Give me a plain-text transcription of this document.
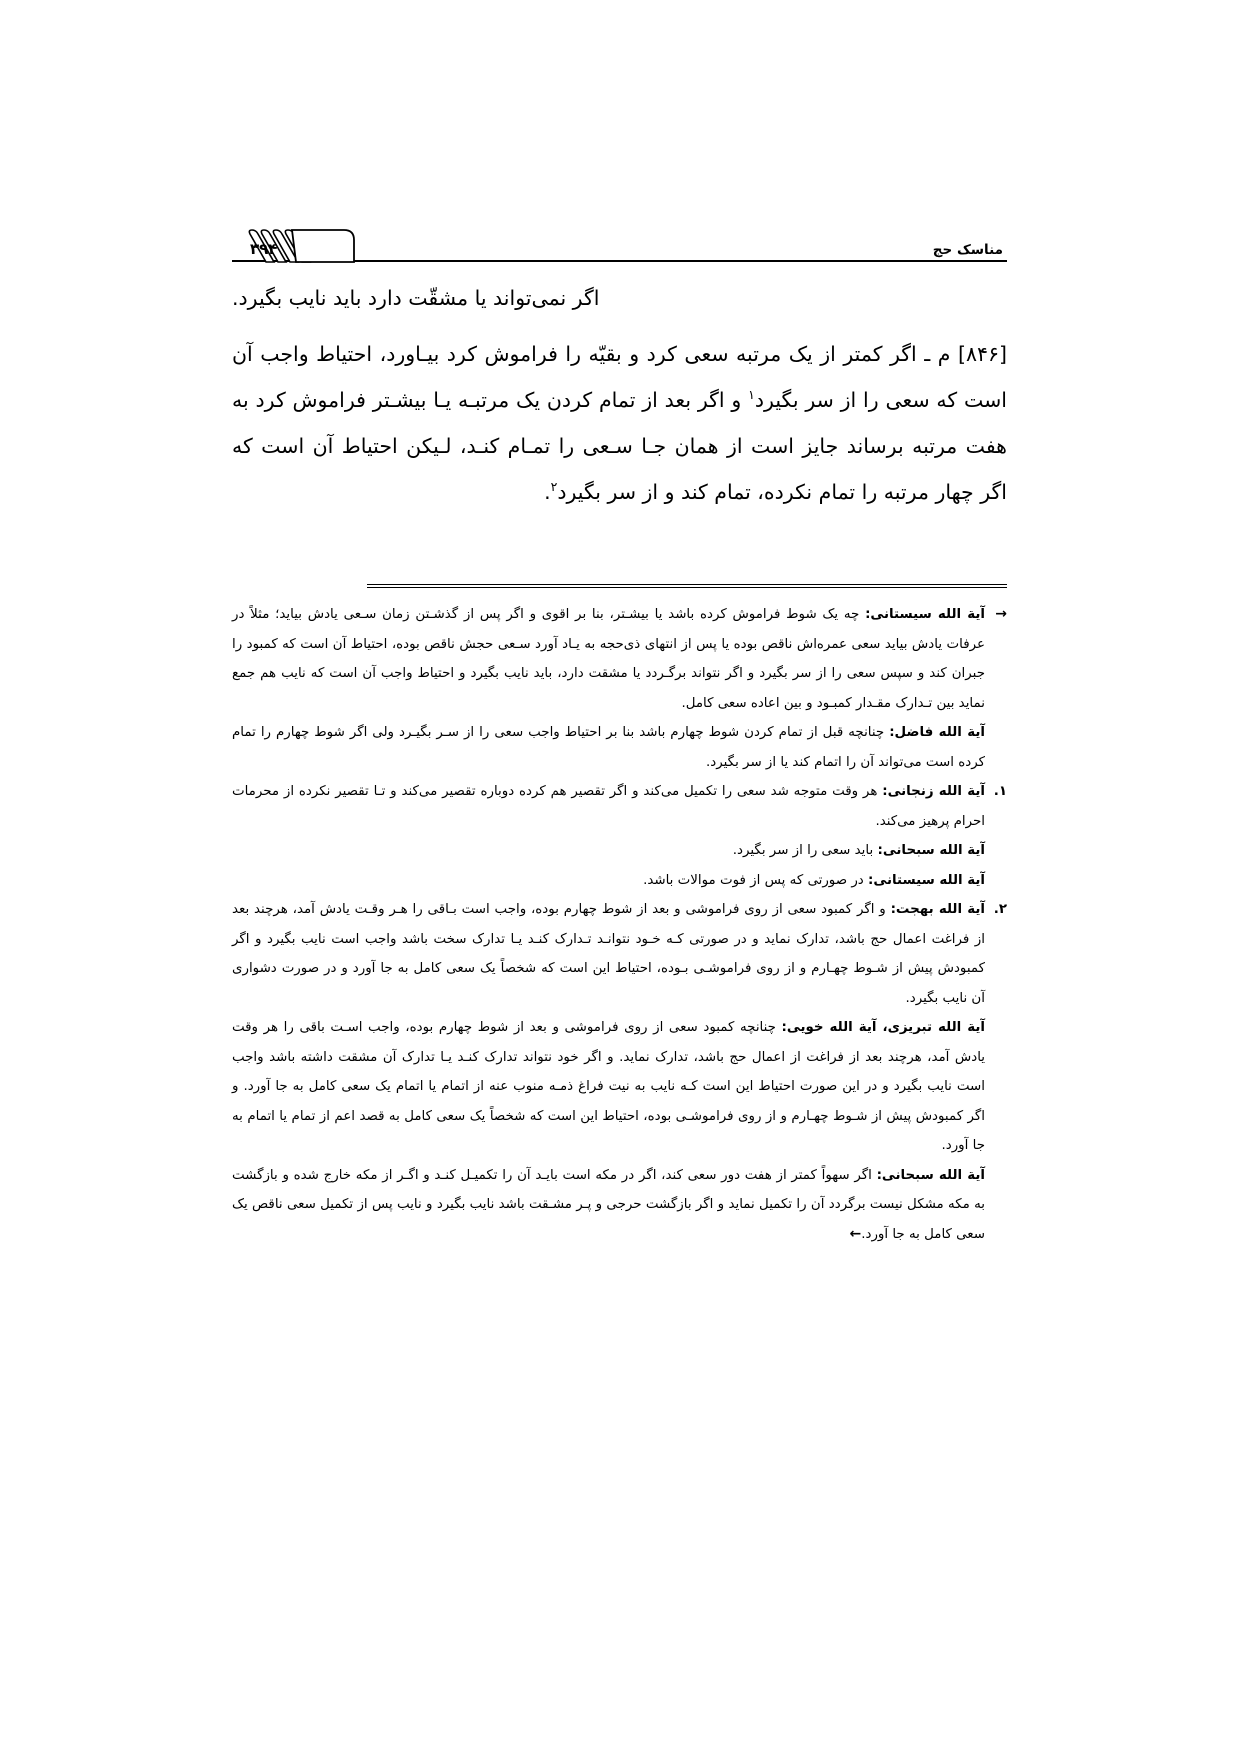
مناسک حج
۳۹۴

اگر نمی‌تواند یا مشقّت دارد باید نایب بگیرد.

[۸۴۶] م ـ اگر کمتر از یک مرتبه سعی کرد و بقیّه را فراموش کرد بیـاورد، احتیاط واجب آن است که سعی را از سر بگیرد$^۱$ و اگر بعد از تمام کردن یک مرتبـه یـا بیشـتر فراموش کرد به هفت مرتبه برساند جایز است از همان جـا سـعی را تمـام کنـد، لـیکن احتیاط آن است که اگر چهار مرتبه را تمام نکرده، تمام کند و از سر بگیرد$^۲$.

→
آیة الله سیستانی: چه یک شوط فراموش کرده باشد یا بیشـتر، بنا بر اقوی و اگر پس از گذشـتن زمان سـعی یادش بیاید؛ مثلاً در عرفات یادش بیاید سعی عمره‌اش ناقص بوده یا پس از انتهای ذی‌حجه به یـاد آورد سـعی حجش ناقص بوده، احتیاط آن است که کمبود را جبران کند و سپس سعی را از سر بگیرد و اگر نتواند برگـردد یا مشقت دارد، باید نایب بگیرد و احتیاط واجب آن است که نایب هم جمع نماید بین تـدارک مقـدار کمبـود و بین اعاده سعی کامل.
آیة الله فاضل: چنانچه قبل از تمام کردن شوط چهارم باشد بنا بر احتیاط واجب سعی را از سـر بگیـرد ولی اگر شوط چهارم را تمام کرده است می‌تواند آن را اتمام کند یا از سر بگیرد.
۱.
آیة الله زنجانی: هر وقت متوجه شد سعی را تکمیل می‌کند و اگر تقصیر هم کرده دوباره تقصیر می‌کند و تـا تقصیر نکرده از محرمات احرام پرهیز می‌کند.
آیة الله سبحانی: باید سعی را از سر بگیرد.
آیة الله سیستانی: در صورتی که پس از فوت موالات باشد.
۲.
آیة الله بهجت: و اگر کمبود سعی از روی فراموشی و بعد از شوط چهارم بوده، واجب است بـاقی را هـر وقـت یادش آمد، هرچند بعد از فراغت اعمال حج باشد، تدارک نماید و در صورتی کـه خـود نتوانـد تـدارک کنـد یـا تدارک سخت باشد واجب است نایب بگیرد و اگر کمبودش پیش از شـوط چهـارم و از روی فراموشـی بـوده، احتیاط این است که شخصاً یک سعی کامل به جا آورد و در صورت دشواری آن نایب بگیرد.
آیة الله تبریزی، آیة الله خویی: چنانچه کمبود سعی از روی فراموشی و بعد از شوط چهارم بوده، واجب اسـت باقی را هر وقت یادش آمد، هرچند بعد از فراغت از اعمال حج باشد، تدارک نماید. و اگر خود نتواند تدارک کنـد یـا تدارک آن مشقت داشته باشد واجب است نایب بگیرد و در این صورت احتیاط این است کـه نایب به نیت فراغ ذمـه منوب عنه از اتمام یا اتمام یک سعی کامل به جا آورد. و اگر کمبودش پیش از شـوط چهـارم و از روی فراموشـی بوده، احتیاط این است که شخصاً یک سعی کامل به قصد اعم از تمام یا اتمام به جا آورد.
آیة الله سبحانی: اگر سهواً کمتر از هفت دور سعی کند، اگر در مکه است بایـد آن را تکمیـل کنـد و اگـر از مکه خارج شده و بازگشت به مکه مشکل نیست برگردد آن را تکمیل نماید و اگر بازگشت حرجی و پـر مشـقت باشد نایب بگیرد و نایب پس از تکمیل سعی ناقص یک سعی کامل به جا آورد.←
